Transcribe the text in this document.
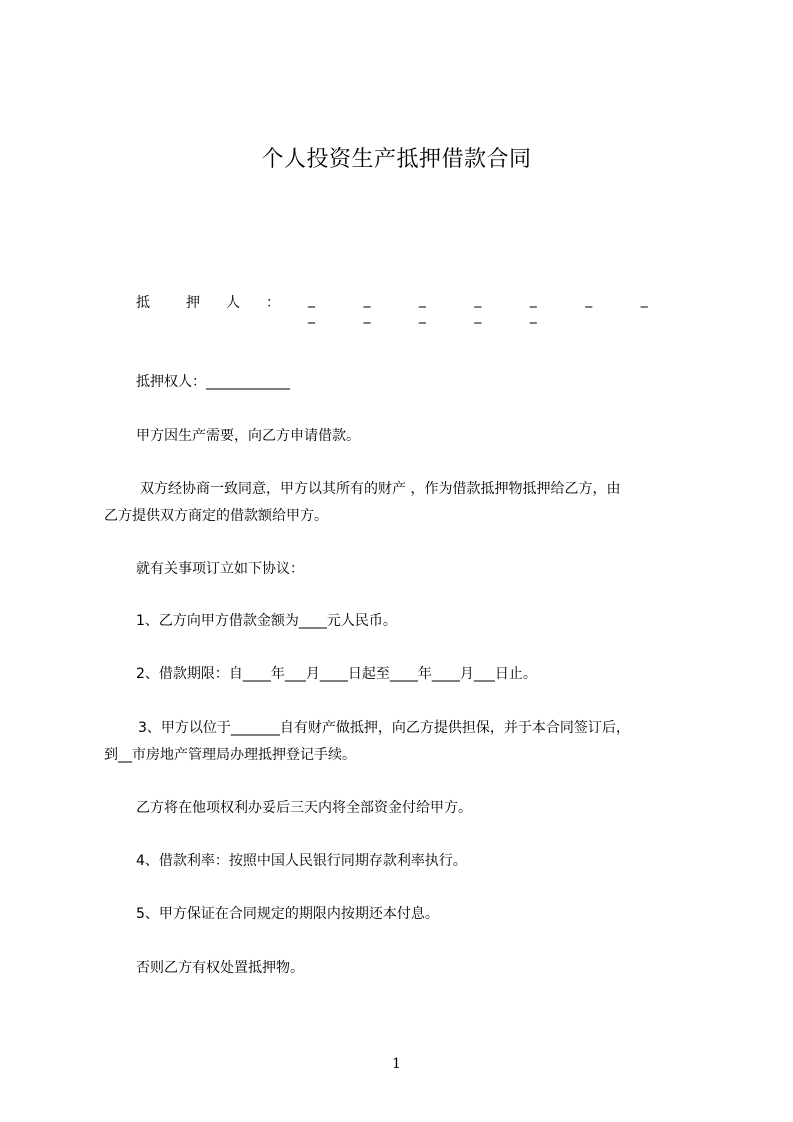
个人投资生产抵押借款合同
抵	押 人 ： _ _ _ _ _ _ _ _ _ _ _ _
抵押权人：____________
甲方因生产需要，向乙方申请借款。
双方经协商一致同意，甲方以其所有的财产 ，作为借款抵押物抵押给乙方，由
乙方提供双方商定的借款额给甲方。
就有关事项订立如下协议：
1、乙方向甲方借款金额为____元人民币。
2、借款期限：自____年___月____日起至____年____月___日止。
3、甲方以位于_______自有财产做抵押，向乙方提供担保，并于本合同签订后，
到__市房地产管理局办理抵押登记手续。
乙方将在他项权利办妥后三天内将全部资金付给甲方。
4、借款利率：按照中国人民银行同期存款利率执行。
5、甲方保证在合同规定的期限内按期还本付息。
否则乙方有权处置抵押物。
1
